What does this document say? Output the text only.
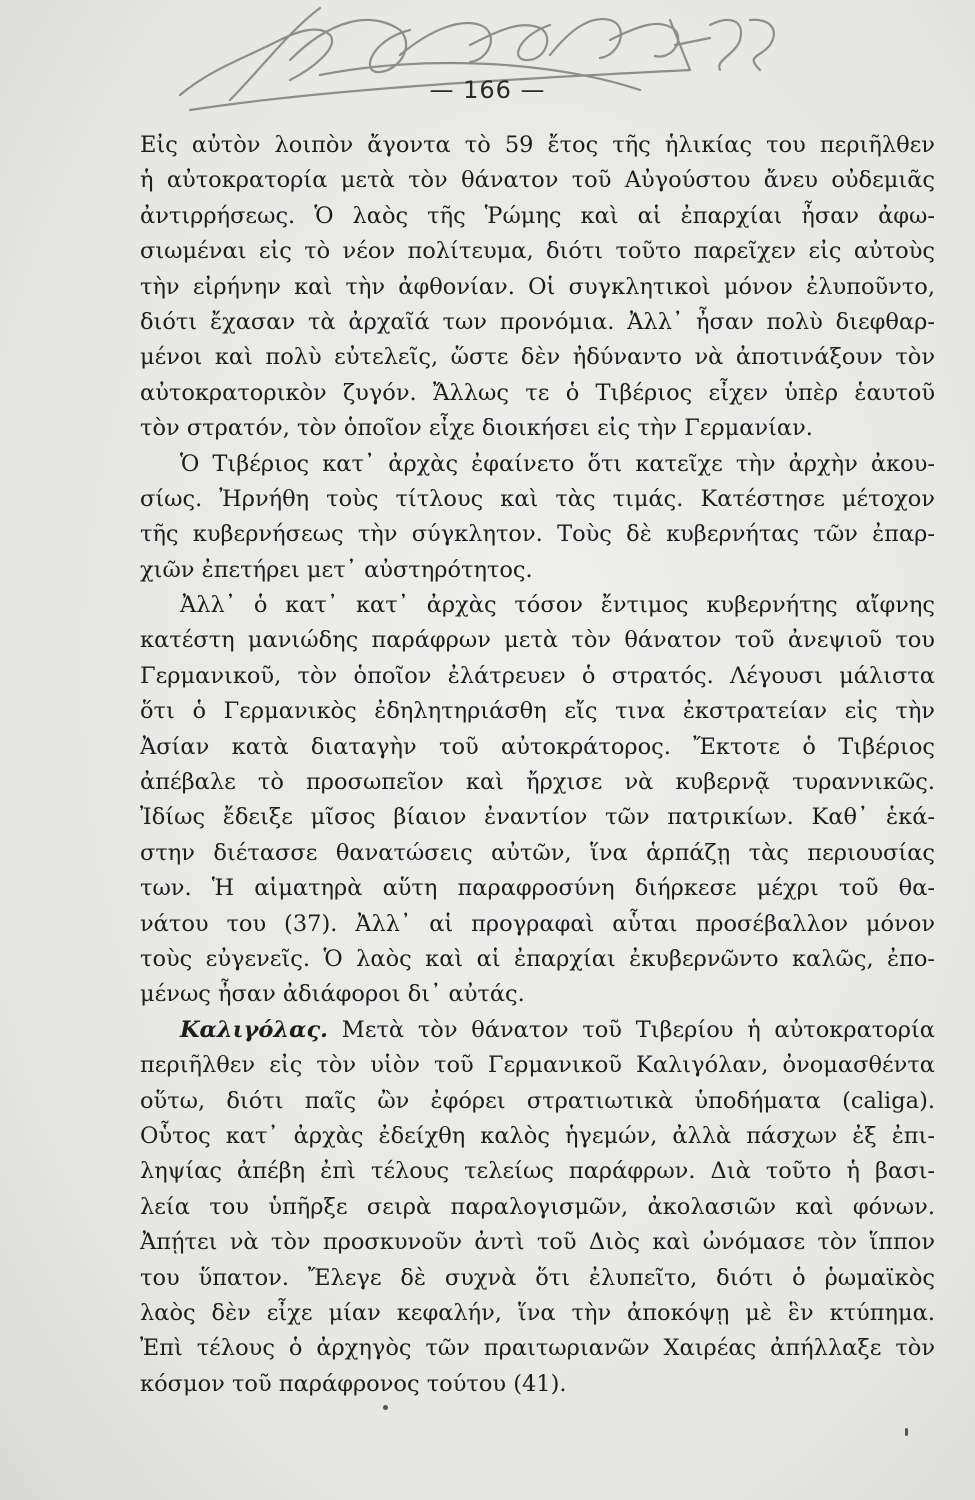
— 166 —
Εἰς αὐτὸν λοιπὸν ἄγοντα τὸ 59 ἔτος τῆς ἡλικίας του περιῆλθεν
ἡ αὐτοκρατορία μετὰ τὸν θάνατον τοῦ Αὐγούστου ἄνευ οὐδεμιᾶς
ἀντιρρήσεως. Ὁ λαὸς τῆς Ῥώμης καὶ αἱ ἐπαρχίαι ἦσαν ἀφω-
σιωμέναι εἰς τὸ νέον πολίτευμα, διότι τοῦτο παρεῖχεν εἰς αὐτοὺς
τὴν εἰρήνην καὶ τὴν ἀφθονίαν. Οἱ συγκλητικοὶ μόνον ἐλυποῦντο,
διότι ἔχασαν τὰ ἀρχαῖά των προνόμια. Ἀλλ᾽ ἦσαν πολὺ διεφθαρ-
μένοι καὶ πολὺ εὐτελεῖς, ὥστε δὲν ἠδύναντο νὰ ἀποτινάξουν τὸν
αὐτοκρατορικὸν ζυγόν. Ἄλλως τε ὁ Τιβέριος εἶχεν ὑπὲρ ἑαυτοῦ
τὸν στρατόν, τὸν ὁποῖον εἶχε διοικήσει εἰς τὴν Γερμανίαν.
Ὁ Τιβέριος κατ᾽ ἀρχὰς ἐφαίνετο ὅτι κατεῖχε τὴν ἀρχὴν ἀκου-
σίως. Ἠρνήθη τοὺς τίτλους καὶ τὰς τιμάς. Κατέστησε μέτοχον
τῆς κυβερνήσεως τὴν σύγκλητον. Τοὺς δὲ κυβερνήτας τῶν ἐπαρ-
χιῶν ἐπετήρει μετ᾽ αὐστηρότητος.
Ἀλλ᾽ ὁ κατ᾽ κατ᾽ ἀρχὰς τόσον ἔντιμος κυβερνήτης αἴφνης
κατέστη μανιώδης παράφρων μετὰ τὸν θάνατον τοῦ ἀνεψιοῦ του
Γερμανικοῦ, τὸν ὁποῖον ἐλάτρευεν ὁ στρατός. Λέγουσι μάλιστα
ὅτι ὁ Γερμανικὸς ἐδηλητηριάσθη εἴς τινα ἐκστρατείαν εἰς τὴν
Ἀσίαν κατὰ διαταγὴν τοῦ αὐτοκράτορος. Ἔκτοτε ὁ Τιβέριος
ἀπέβαλε τὸ προσωπεῖον καὶ ἤρχισε νὰ κυβερνᾷ τυραννικῶς.
Ἰδίως ἔδειξε μῖσος βίαιον ἐναντίον τῶν πατρικίων. Καθ᾽ ἑκά-
στην διέτασσε θανατώσεις αὐτῶν, ἵνα ἁρπάζῃ τὰς περιουσίας
των. Ἡ αἱματηρὰ αὕτη παραφροσύνη διήρκεσε μέχρι τοῦ θα-
νάτου του (37). Ἀλλ᾽ αἱ προγραφαὶ αὗται προσέβαλλον μόνον
τοὺς εὐγενεῖς. Ὁ λαὸς καὶ αἱ ἐπαρχίαι ἐκυβερνῶντο καλῶς, ἐπο-
μένως ἦσαν ἀδιάφοροι δι᾽ αὐτάς.
Καλιγόλας. Μετὰ τὸν θάνατον τοῦ Τιβερίου ἡ αὐτοκρατορία
περιῆλθεν εἰς τὸν υἱὸν τοῦ Γερμανικοῦ Καλιγόλαν, ὀνομασθέντα
οὕτω, διότι παῖς ὢν ἐφόρει στρατιωτικὰ ὑποδήματα (caliga).
Οὗτος κατ᾽ ἀρχὰς ἐδείχθη καλὸς ἡγεμών, ἀλλὰ πάσχων ἐξ ἐπι-
ληψίας ἀπέβη ἐπὶ τέλους τελείως παράφρων. Διὰ τοῦτο ἡ βασι-
λεία του ὑπῆρξε σειρὰ παραλογισμῶν, ἀκολασιῶν καὶ φόνων.
Ἀπῄτει νὰ τὸν προσκυνοῦν ἀντὶ τοῦ Διὸς καὶ ὠνόμασε τὸν ἵππον
του ὕπατον. Ἔλεγε δὲ συχνὰ ὅτι ἐλυπεῖτο, διότι ὁ ῥωμαϊκὸς
λαὸς δὲν εἶχε μίαν κεφαλήν, ἵνα τὴν ἀποκόψῃ μὲ ἓν κτύπημα.
Ἐπὶ τέλους ὁ ἀρχηγὸς τῶν πραιτωριανῶν Χαιρέας ἀπήλλαξε τὸν
κόσμον τοῦ παράφρονος τούτου (41).
